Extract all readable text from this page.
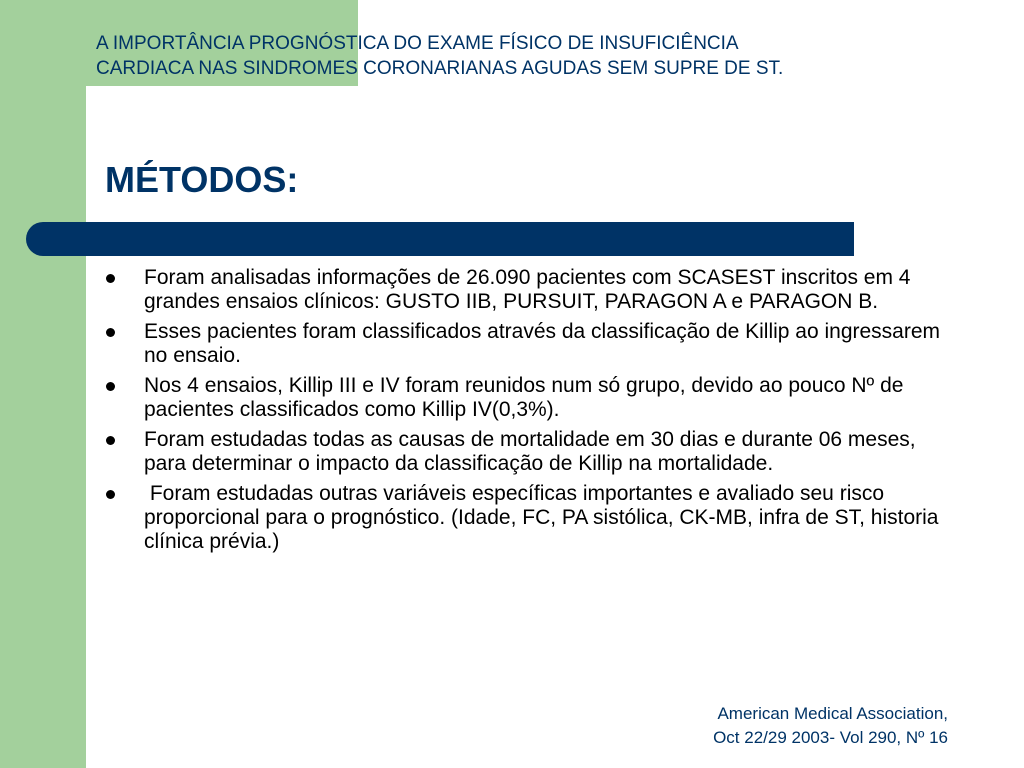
A IMPORTÂNCIA PROGNÓSTICA DO EXAME FÍSICO DE INSUFICIÊNCIA
CARDIACA NAS SINDROMES CORONARIANAS AGUDAS SEM SUPRE DE ST.
MÉTODOS:
Foram analisadas informações de 26.090 pacientes com SCASEST inscritos em 4 grandes ensaios clínicos: GUSTO IIB, PURSUIT, PARAGON A e PARAGON B.
Esses pacientes foram classificados através da classificação de Killip ao ingressarem no ensaio.
Nos 4 ensaios, Killip III e IV foram reunidos num só grupo, devido ao pouco Nº de pacientes classificados como Killip IV(0,3%).
Foram estudadas todas as causas de mortalidade em 30 dias e durante 06 meses, para determinar o impacto da classificação de Killip na mortalidade.
Foram estudadas outras variáveis específicas importantes e avaliado seu risco proporcional para o prognóstico. (Idade, FC, PA sistólica, CK-MB, infra de ST, historia clínica prévia.)
American Medical Association,
Oct 22/29 2003- Vol 290, Nº 16
